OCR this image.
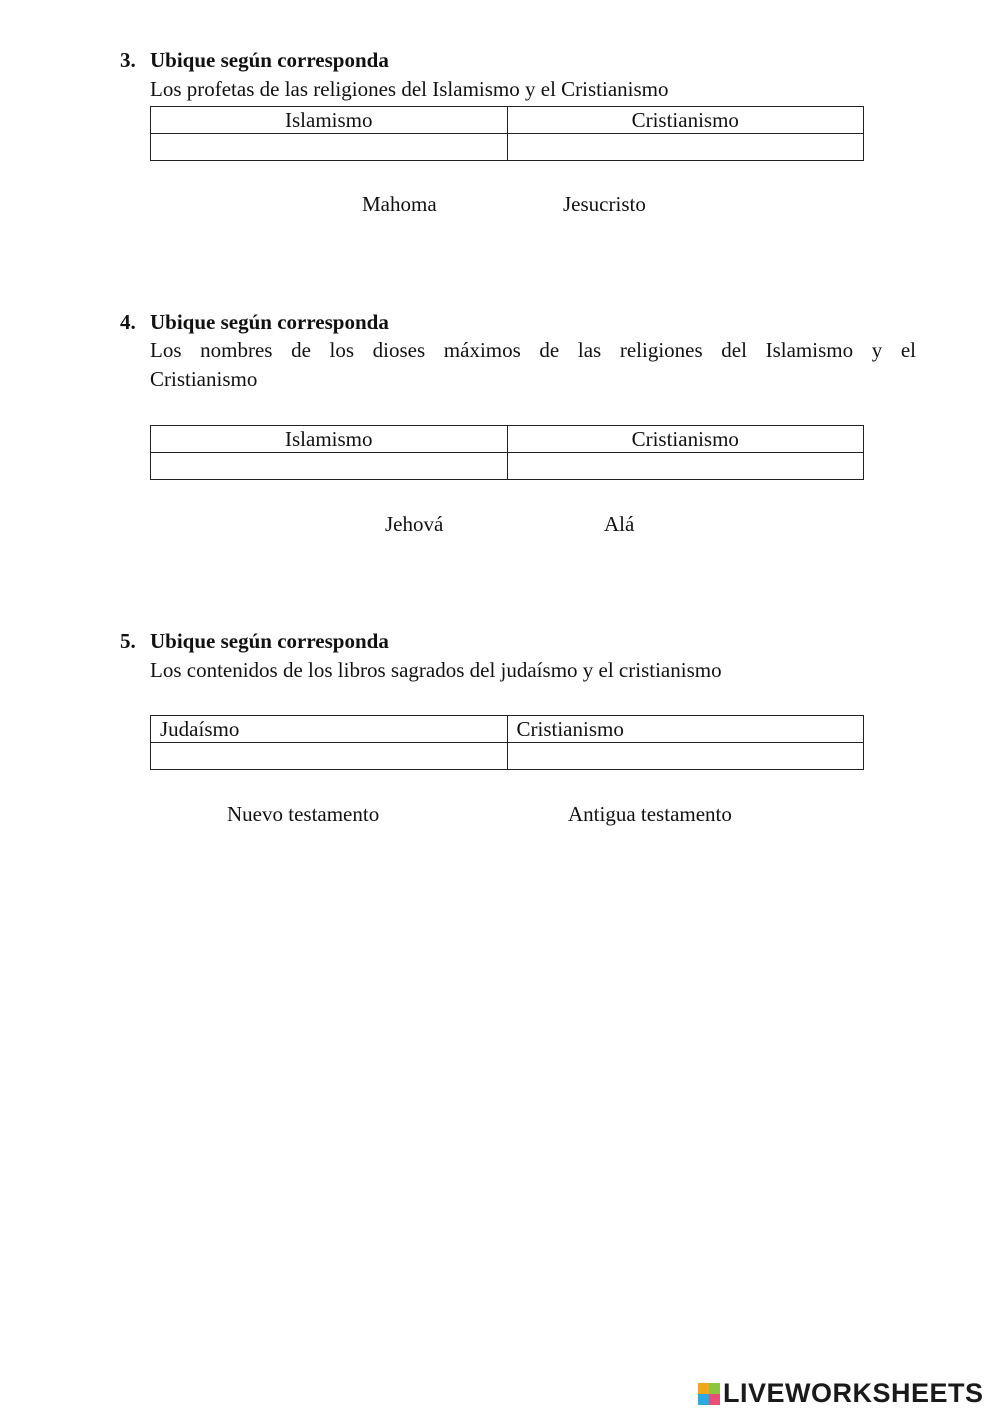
3. Ubique según corresponda
Los profetas de las religiones del Islamismo y el Cristianismo
Islamismo	Cristianismo

Mahoma	Jesucristo
4. Ubique según corresponda
Los nombres de los dioses máximos de las religiones del Islamismo y el
Cristianismo
Islamismo	Cristianismo

Jehová	Alá
5. Ubique según corresponda
Los contenidos de los libros sagrados del judaísmo y el cristianismo
Judaísmo	Cristianismo

Nuevo testamento	Antigua testamento
LIVEWORKSHEETS
